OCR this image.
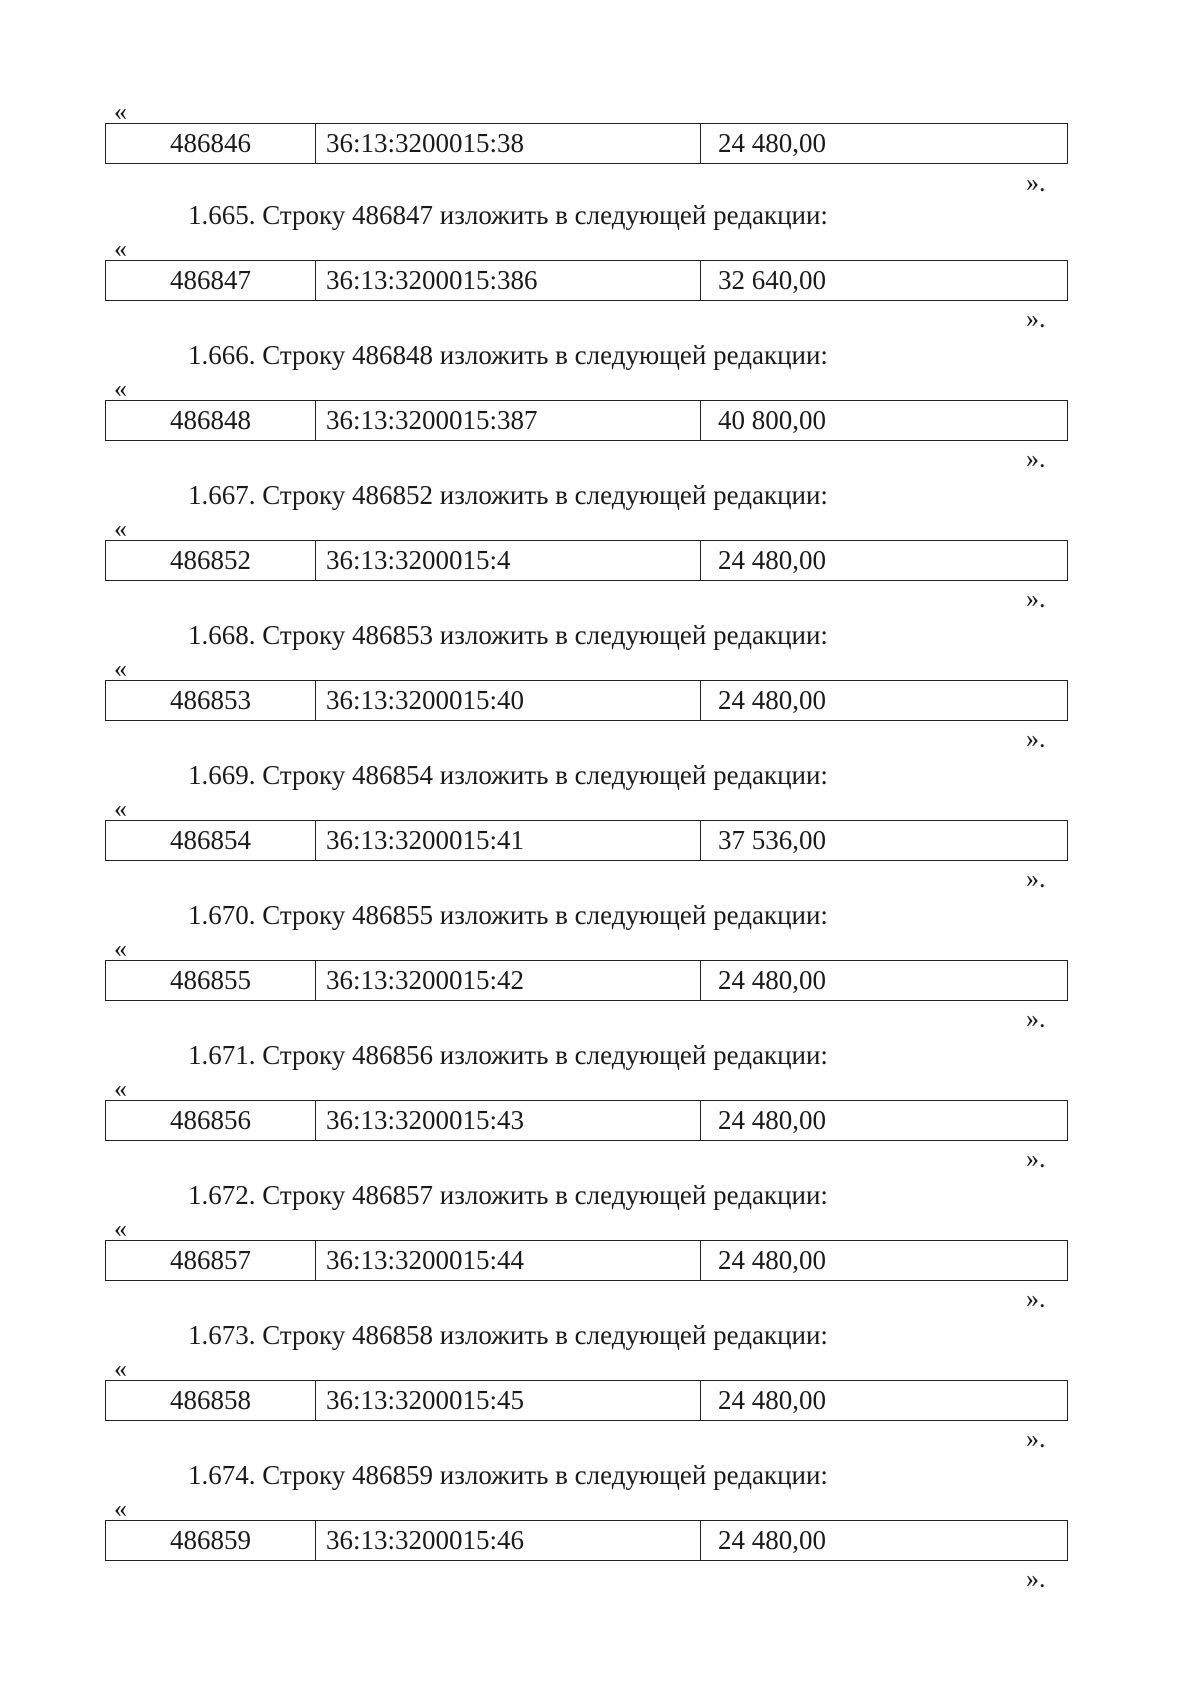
«
486846	36:13:3200015:38	24 480,00
».
1.665. Строку 486847 изложить в следующей редакции:
«
486847	36:13:3200015:386	32 640,00
».
1.666. Строку 486848 изложить в следующей редакции:
«
486848	36:13:3200015:387	40 800,00
».
1.667. Строку 486852 изложить в следующей редакции:
«
486852	36:13:3200015:4	24 480,00
».
1.668. Строку 486853 изложить в следующей редакции:
«
486853	36:13:3200015:40	24 480,00
».
1.669. Строку 486854 изложить в следующей редакции:
«
486854	36:13:3200015:41	37 536,00
».
1.670. Строку 486855 изложить в следующей редакции:
«
486855	36:13:3200015:42	24 480,00
».
1.671. Строку 486856 изложить в следующей редакции:
«
486856	36:13:3200015:43	24 480,00
».
1.672. Строку 486857 изложить в следующей редакции:
«
486857	36:13:3200015:44	24 480,00
».
1.673. Строку 486858 изложить в следующей редакции:
«
486858	36:13:3200015:45	24 480,00
».
1.674. Строку 486859 изложить в следующей редакции:
«
486859	36:13:3200015:46	24 480,00
».
